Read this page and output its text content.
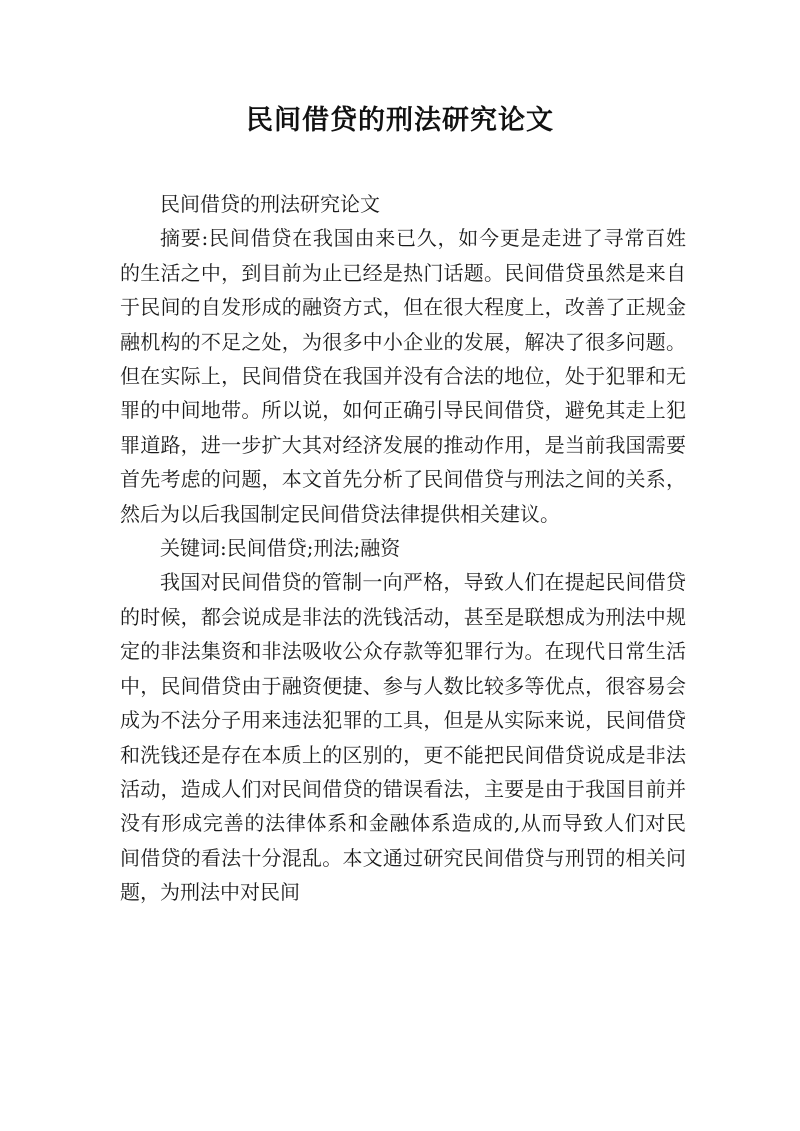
民间借贷的刑法研究论文

民间借贷的刑法研究论文

摘要:民间借贷在我国由来已久，如今更是走进了寻常百姓的生活之中，到目前为止已经是热门话题。民间借贷虽然是来自于民间的自发形成的融资方式，但在很大程度上，改善了正规金融机构的不足之处，为很多中小企业的发展，解决了很多问题。但在实际上，民间借贷在我国并没有合法的地位，处于犯罪和无罪的中间地带。所以说，如何正确引导民间借贷，避免其走上犯罪道路，进一步扩大其对经济发展的推动作用，是当前我国需要首先考虑的问题，本文首先分析了民间借贷与刑法之间的关系，然后为以后我国制定民间借贷法律提供相关建议。

关键词:民间借贷;刑法;融资

我国对民间借贷的管制一向严格，导致人们在提起民间借贷的时候，都会说成是非法的洗钱活动，甚至是联想成为刑法中规定的非法集资和非法吸收公众存款等犯罪行为。在现代日常生活中，民间借贷由于融资便捷、参与人数比较多等优点，很容易会成为不法分子用来违法犯罪的工具，但是从实际来说，民间借贷和洗钱还是存在本质上的区别的，更不能把民间借贷说成是非法活动，造成人们对民间借贷的错误看法，主要是由于我国目前并没有形成完善的法律体系和金融体系造成的,从而导致人们对民间借贷的看法十分混乱。本文通过研究民间借贷与刑罚的相关问题，为刑法中对民间
